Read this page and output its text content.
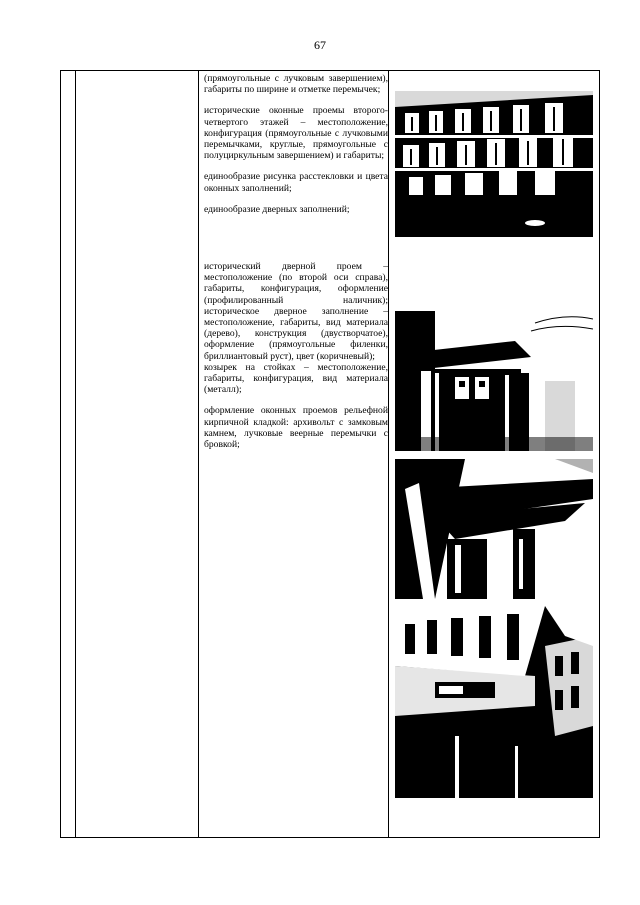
67

(прямоугольные с лучковым завершением), габариты по ширине и отметке перемычек;

исторические оконные проемы второго-четвертого этажей – местоположение, конфигурация (прямоугольные с лучковыми перемычками, круглые, прямоугольные с полуциркульным завершением) и габариты;

единообразие рисунка расстекловки и цвета оконных заполнений;

единообразие дверных заполнений;

исторический дверной проем – местоположение (по второй оси справа), габариты, конфигурация, оформление (профилированный наличник); историческое дверное заполнение – местоположение, габариты, вид материала (дерево), конструкция (двустворчатое), оформление (прямоугольные филенки, бриллиантовый руст), цвет (коричневый);

козырек на стойках – местоположение, габариты, конфигурация, вид материала (металл);

оформление оконных проемов рельефной кирпичной кладкой: архивольт с замковым камнем, лучковые веерные перемычки с бровкой;
